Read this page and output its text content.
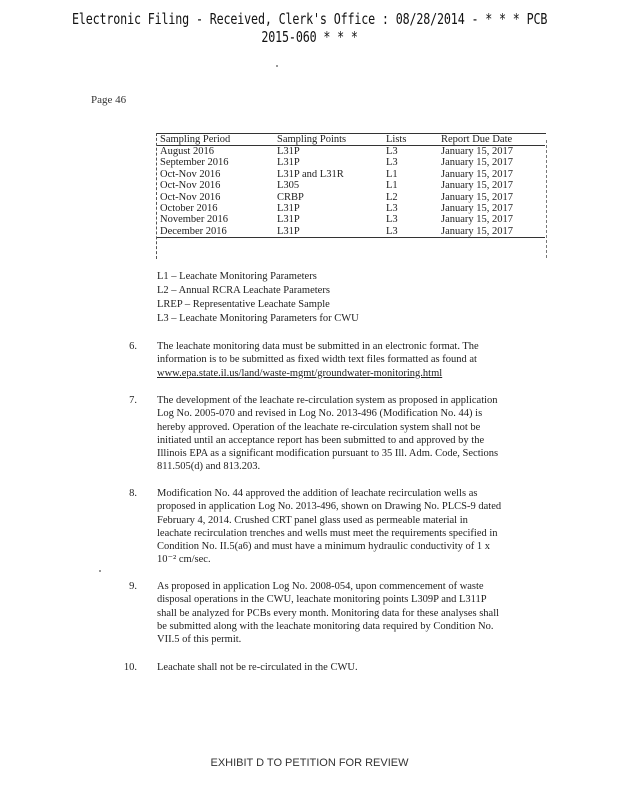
Electronic Filing - Received, Clerk's Office : 08/28/2014 - * * * PCB 2015-060 * * *
Page 46
Sampling Period	Sampling Points	Lists	Report Due Date
August 2016	L31P	L3	January 15, 2017
September 2016	L31P	L3	January 15, 2017
Oct-Nov 2016	L31P and L31R	L1	January 15, 2017
Oct-Nov 2016	L305	L1	January 15, 2017
Oct-Nov 2016	CRBP	L2	January 15, 2017
October 2016	L31P	L3	January 15, 2017
November 2016	L31P	L3	January 15, 2017
December 2016	L31P	L3	January 15, 2017
L1 – Leachate Monitoring Parameters
L2 – Annual RCRA Leachate Parameters
LREP – Representative Leachate Sample
L3 – Leachate Monitoring Parameters for CWU
6. The leachate monitoring data must be submitted in an electronic format. The
information is to be submitted as fixed width text files formatted as found at
www.epa.state.il.us/land/waste-mgmt/groundwater-monitoring.html
7. The development of the leachate re-circulation system as proposed in application
Log No. 2005-070 and revised in Log No. 2013-496 (Modification No. 44) is
hereby approved. Operation of the leachate re-circulation system shall not be
initiated until an acceptance report has been submitted to and approved by the
Illinois EPA as a significant modification pursuant to 35 Ill. Adm. Code, Sections
811.505(d) and 813.203.
8. Modification No. 44 approved the addition of leachate recirculation wells as
proposed in application Log No. 2013-496, shown on Drawing No. PLCS-9 dated
February 4, 2014. Crushed CRT panel glass used as permeable material in
leachate recirculation trenches and wells must meet the requirements specified in
Condition No. II.5(a6) and must have a minimum hydraulic conductivity of 1 x
10⁻² cm/sec.
9. As proposed in application Log No. 2008-054, upon commencement of waste
disposal operations in the CWU, leachate monitoring points L309P and L311P
shall be analyzed for PCBs every month. Monitoring data for these analyses shall
be submitted along with the leachate monitoring data required by Condition No.
VII.5 of this permit.
10. Leachate shall not be re-circulated in the CWU.
EXHIBIT D TO PETITION FOR REVIEW
